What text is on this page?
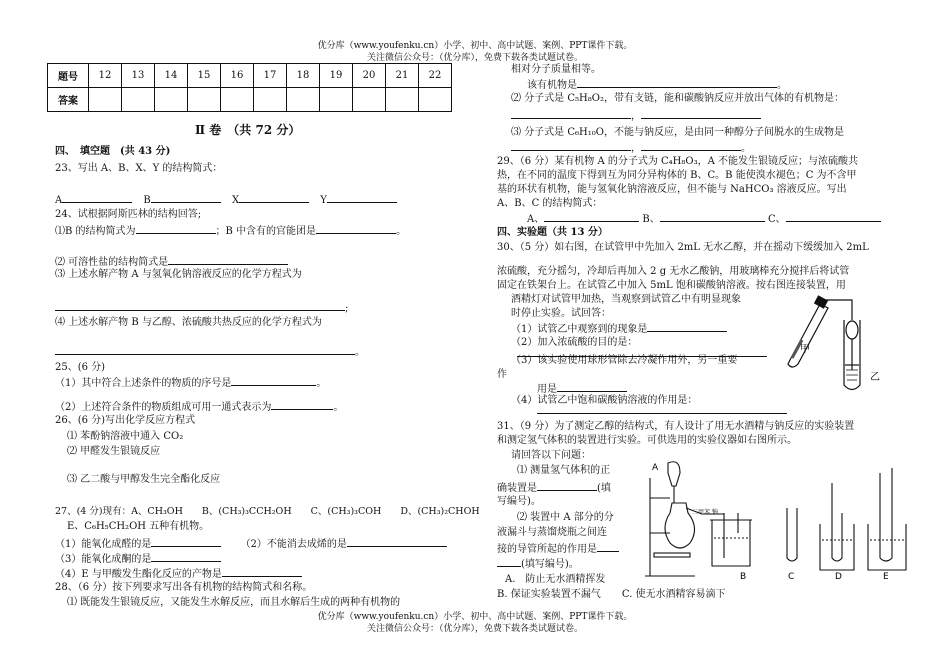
优分库（www.youfenku.cn）小学、初中、高中试题、案例、PPT课件下载。
关注微信公众号：（优分库），免费下载各类试题试卷。
题号	12	13	14	15	16	17	18	19	20	21	22
答案											
Ⅱ 卷　（共 72 分）
四、　填空题　(共 43 分)
23、写出 A、B、X、Y 的结构简式：
A	B	X	Y
24、试根据阿斯匹林的结构回答;
⑴B 的结构简式为	；B 中含有的官能团是	。
⑵ 可溶性盐的结构简式是
⑶ 上述水解产物 A 与氢氧化钠溶液反应的化学方程式为
;
⑷ 上述水解产物 B 与乙醇、浓硫酸共热反应的化学方程式为
。
25、(6 分)
（1）其中符合上述条件的物质的序号是	。
（2）上述符合条件的物质组成可用一通式表示为	。
26、(6 分)写出化学反应方程式
⑴ 苯酚钠溶液中通入 CO₂
⑵ 甲醛发生银镜反应
⑶ 乙二酸与甲醇发生完全酯化反应
27、(4 分)现有：A、CH₃OH　　B、(CH₃)₃CCH₂OH　　C、(CH₃)₃COH　　D、(CH₃)₂CHOH
E、C₆H₅CH₂OH 五种有机物。
（1）能氧化成醛的是	（2）不能消去成烯的是
（3）能氧化成酮的是
（4）E 与甲酸发生酯化反应的产物是
28、（6 分）按下列要求写出各有机物的结构简式和名称。
⑴ 既能发生银镜反应，又能发生水解反应，而且水解后生成的两种有机物的
相对分子质量相等。
该有机物是	。
⑵ 分子式是 C₅H₈O₂，带有支链，能和碳酸钠反应并放出气体的有机物是：
，
⑶ 分子式是 C₆H₁₀O，不能与钠反应，是由同一种醇分子间脱水的生成物是
，	。
29、（6 分）某有机物 A 的分子式为 C₄H₈O₃，A 不能发生银镜反应；与浓硫酸共
热，在不同的温度下得到互为同分异构体的 B、C。B 能使溴水褪色；C 为不含甲
基的环状有机物，能与氢氧化钠溶液反应，但不能与 NaHCO₃ 溶液反应。写出
A、B、C 的结构简式：
A、	B、	C、
四、实验题（共 13 分）
30、（5 分）如右图，在试管甲中先加入 2mL 无水乙醇，并在摇动下缓缓加入 2mL
浓硫酸，充分摇匀，冷却后再加入 2 g 无水乙酸钠，用玻璃棒充分搅拌后将试管
固定在铁架台上。在试管乙中加入 5mL 饱和碳酸钠溶液。按右图连接装置，用
酒精灯对试管甲加热，当观察到试管乙中有明显现象
时停止实验。试回答：
（1）试管乙中观察到的现象是
（2）加入浓硫酸的目的是：
（3）该实验使用球形管除去冷凝作用外，另一重要
作
用是
（4）试管乙中饱和碳酸钠溶液的作用是：
31、（9 分）为了测定乙醇的结构式，有人设计了用无水酒精与钠反应的实验装置
和测定氢气体积的装置进行实验。可供选用的实验仪器如右图所示。
请回答以下问题：
⑴ 测量氢气体积的正
确装置是	(填
写编号)。
⑵ 装置中 A 部分的分
液漏斗与蒸馏烧瓶之间连
接的导管所起的作用是
(填写编号)。
A.　防止无水酒精挥发
B. 保证实验装置不漏气 C. 使无水酒精容易滴下
甲
乙
A
二甲苯 钠
B	C	D	E
优分库（www.youfenku.cn）小学、初中、高中试题、案例、PPT课件下载。
关注微信公众号：（优分库），免费下载各类试题试卷。
